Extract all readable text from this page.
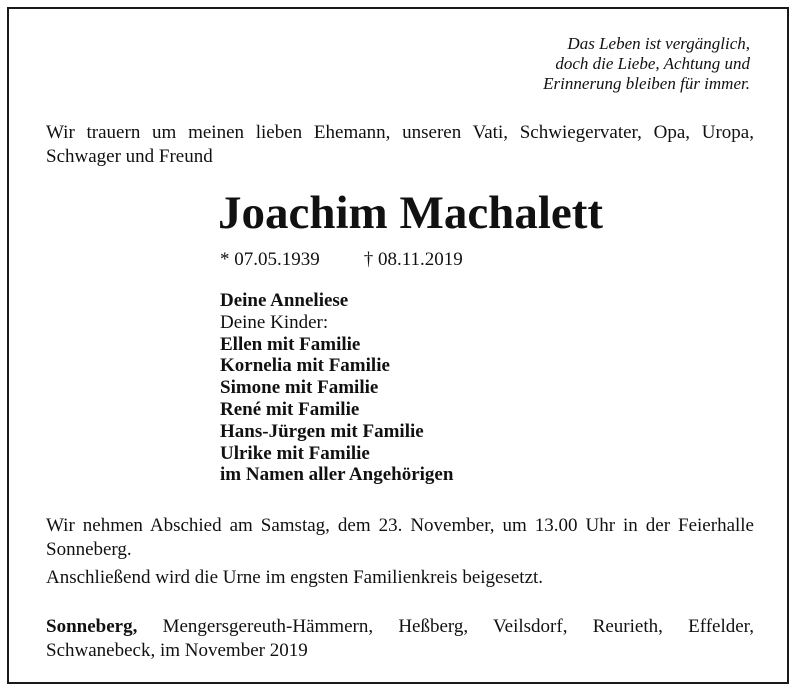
Das Leben ist vergänglich,
doch die Liebe, Achtung und
Erinnerung bleiben für immer.
Wir trauern um meinen lieben Ehemann, unseren Vati, Schwiegervater, Opa, Uropa, Schwager und Freund
Joachim Machalett
* 07.05.1939 † 08.11.2019
Deine Anneliese
Deine Kinder:
Ellen mit Familie
Kornelia mit Familie
Simone mit Familie
René mit Familie
Hans-Jürgen mit Familie
Ulrike mit Familie
im Namen aller Angehörigen
Wir nehmen Abschied am Samstag, dem 23. November, um 13.00 Uhr in der Feierhalle Sonneberg.
Anschließend wird die Urne im engsten Familienkreis beigesetzt.
Sonneberg, Mengersgereuth-Hämmern, Heßberg, Veilsdorf, Reurieth, Effelder, Schwanebeck, im November 2019
